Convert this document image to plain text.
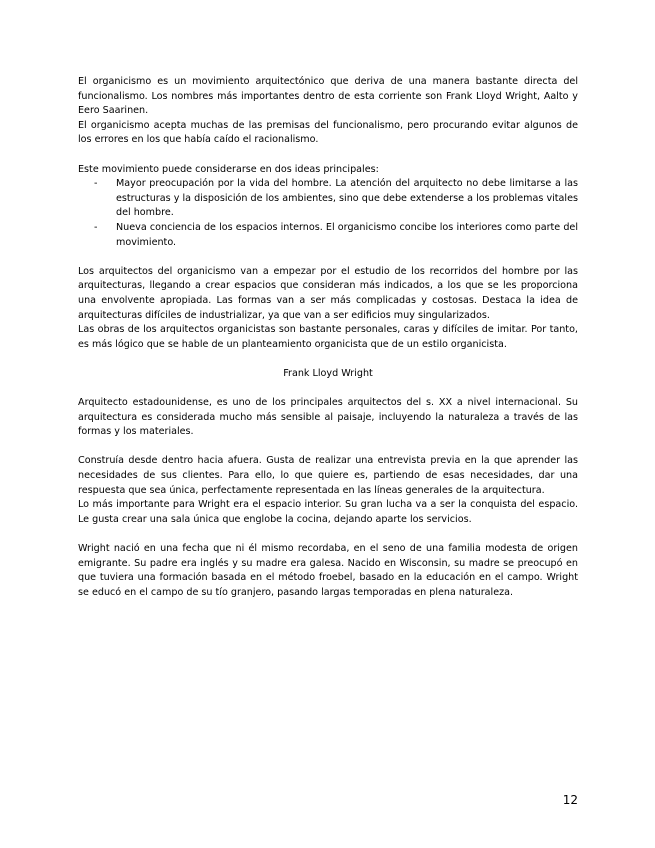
El organicismo es un movimiento arquitectónico que deriva de una manera bastante directa del funcionalismo. Los nombres más importantes dentro de esta corriente son Frank Lloyd Wright, Aalto y Eero Saarinen.

El organicismo acepta muchas de las premisas del funcionalismo, pero procurando evitar algunos de los errores en los que había caído el racionalismo.

Este movimiento puede considerarse en dos ideas principales:

- Mayor preocupación por la vida del hombre. La atención del arquitecto no debe limitarse a las estructuras y la disposición de los ambientes, sino que debe extenderse a los problemas vitales del hombre.
- Nueva conciencia de los espacios internos. El organicismo concibe los interiores como parte del movimiento.

Los arquitectos del organicismo van a empezar por el estudio de los recorridos del hombre por las arquitecturas, llegando a crear espacios que consideran más indicados, a los que se les proporciona una envolvente apropiada. Las formas van a ser más complicadas y costosas. Destaca la idea de arquitecturas difíciles de industrializar, ya que van a ser edificios muy singularizados.

Las obras de los arquitectos organicistas son bastante personales, caras y difíciles de imitar. Por tanto, es más lógico que se hable de un planteamiento organicista que de un estilo organicista.

Frank Lloyd Wright

Arquitecto estadounidense, es uno de los principales arquitectos del s. XX a nivel internacional. Su arquitectura es considerada mucho más sensible al paisaje, incluyendo la naturaleza a través de las formas y los materiales.

Construía desde dentro hacia afuera. Gusta de realizar una entrevista previa en la que aprender las necesidades de sus clientes. Para ello, lo que quiere es, partiendo de esas necesidades, dar una respuesta que sea única, perfectamente representada en las líneas generales de la arquitectura.

Lo más importante para Wright era el espacio interior. Su gran lucha va a ser la conquista del espacio. Le gusta crear una sala única que englobe la cocina, dejando aparte los servicios.

Wright nació en una fecha que ni él mismo recordaba, en el seno de una familia modesta de origen emigrante. Su padre era inglés y su madre era galesa. Nacido en Wisconsin, su madre se preocupó en que tuviera una formación basada en el método froebel, basado en la educación en el campo. Wright se educó en el campo de su tío granjero, pasando largas temporadas en plena naturaleza.

12
